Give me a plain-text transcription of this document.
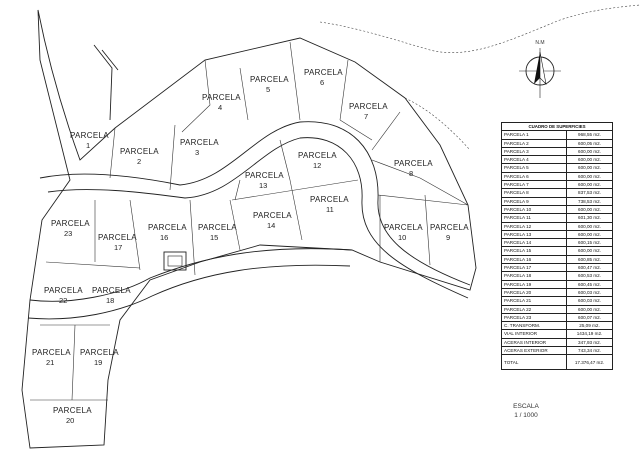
PARCELA
1
PARCELA
2
PARCELA
3
PARCELA
4
PARCELA
5
PARCELA
6
PARCELA
7
PARCELA
8
PARCELA
9
PARCELA
10
PARCELA
11
PARCELA
12
PARCELA
13
PARCELA
14
PARCELA
15
PARCELA
16
PARCELA
17
PARCELA
18
PARCELA
19
PARCELA
20
PARCELA
21
PARCELA
22
PARCELA
23
N.M
CUADRO DE SUPERFICIES	
PARCELA 1	968,55 m2.
PARCELA 2	600,05 m2.
PARCELA 3	600,00 m2.
PARCELA 4	600,00 m2.
PARCELA 5	600,00 m2.
PARCELA 6	600,00 m2.
PARCELA 7	600,00 m2.
PARCELA 8	837,53 m2.
PARCELA 9	738,53 m2.
PARCELA 10	600,00 m2.
PARCELA 11	601,30 m2.
PARCELA 12	600,00 m2.
PARCELA 13	600,00 m2.
PARCELA 14	600,15 m2.
PARCELA 15	600,00 m2.
PARCELA 16	600,85 m2.
PARCELA 17	600,47 m2.
PARCELA 18	600,53 m2.
PARCELA 19	600,45 m2.
PARCELA 20	600,03 m2.
PARCELA 21	600,03 m2.
PARCELA 22	600,00 m2.
PARCELA 23	600,07 m2.
C. TRANSFORM.	25,09 m2.
VIAL INTERIOR	1434,19 m2.
ACERAS INTERIOR	347,93 m2.
ACERAS EXTERIOR	743,34 m2.
TOTAL	17.376,47 m2.
ESCALA
1 / 1000
